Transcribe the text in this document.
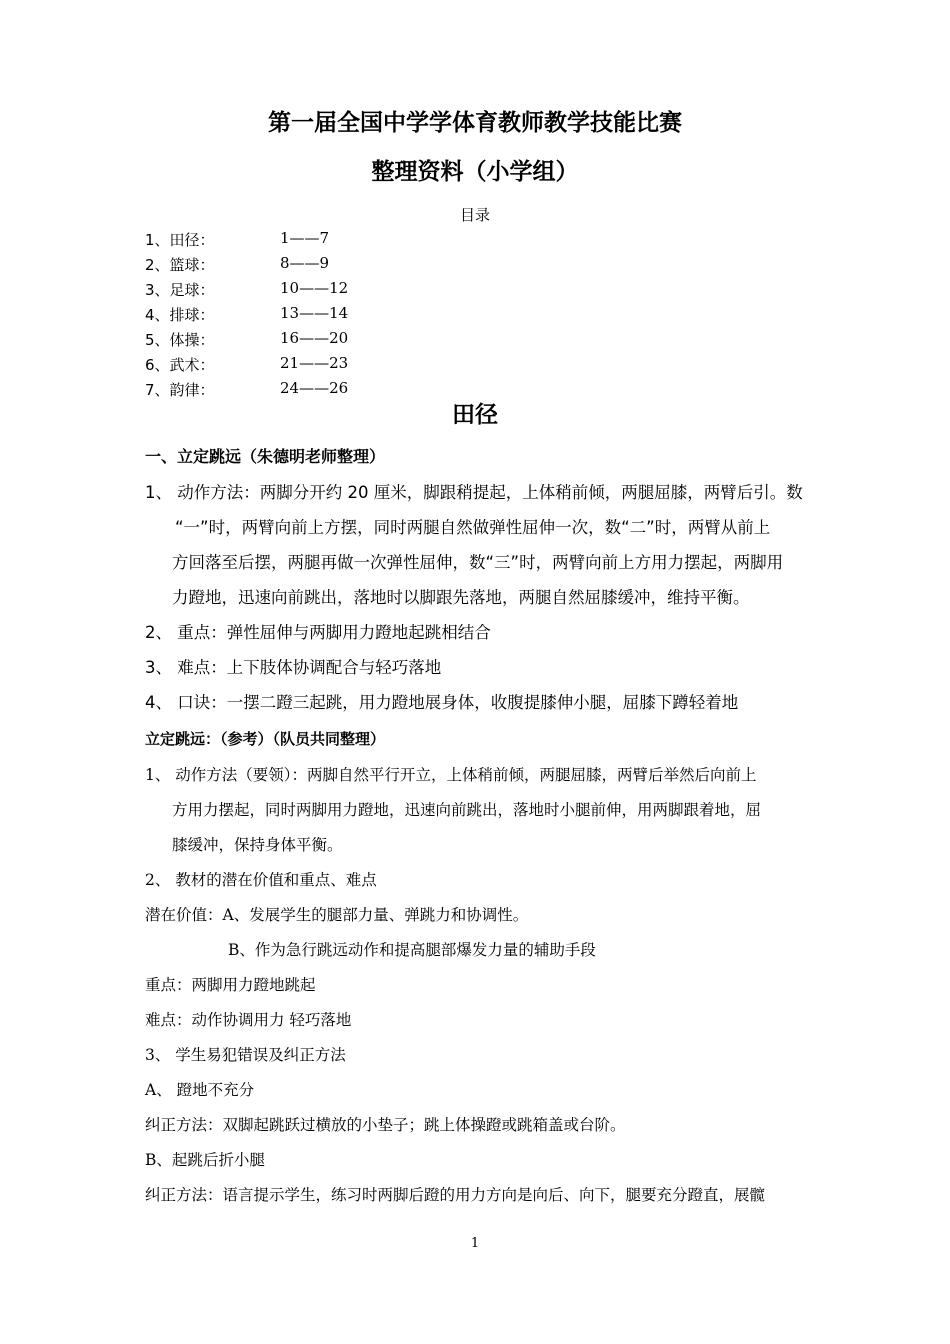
第一届全国中学学体育教师教学技能比赛
整理资料（小学组）
目录
1、田径：	1——7
2、篮球：	8——9
3、足球：	10——12
4、排球：	13——14
5、体操：	16——20
6、武术：	21——23
7、韵律：	24——26
田径
一、立定跳远（朱德明老师整理）
1、 动作方法：两脚分开约 20 厘米，脚跟稍提起，上体稍前倾，两腿屈膝，两臂后引。数
“一”时，两臂向前上方摆，同时两腿自然做弹性屈伸一次，数“二”时，两臂从前上
方回落至后摆，两腿再做一次弹性屈伸，数“三”时，两臂向前上方用力摆起，两脚用
力蹬地，迅速向前跳出，落地时以脚跟先落地，两腿自然屈膝缓冲，维持平衡。
2、 重点：弹性屈伸与两脚用力蹬地起跳相结合
3、 难点：上下肢体协调配合与轻巧落地
4、 口诀：一摆二蹬三起跳，用力蹬地展身体，收腹提膝伸小腿，屈膝下蹲轻着地
立定跳远：（参考）（队员共同整理）
1、 动作方法（要领）：两脚自然平行开立，上体稍前倾，两腿屈膝，两臂后举然后向前上
方用力摆起，同时两脚用力蹬地，迅速向前跳出，落地时小腿前伸，用两脚跟着地，屈
膝缓冲，保持身体平衡。
2、 教材的潜在价值和重点、难点
潜在价值：A、发展学生的腿部力量、弹跳力和协调性。
B、作为急行跳远动作和提高腿部爆发力量的辅助手段
重点：两脚用力蹬地跳起
难点：动作协调用力 轻巧落地
3、 学生易犯错误及纠正方法
A、 蹬地不充分
纠正方法：双脚起跳跃过横放的小垫子；跳上体操蹬或跳箱盖或台阶。
B、起跳后折小腿
纠正方法：语言提示学生，练习时两脚后蹬的用力方向是向后、向下，腿要充分蹬直，展髋
1
